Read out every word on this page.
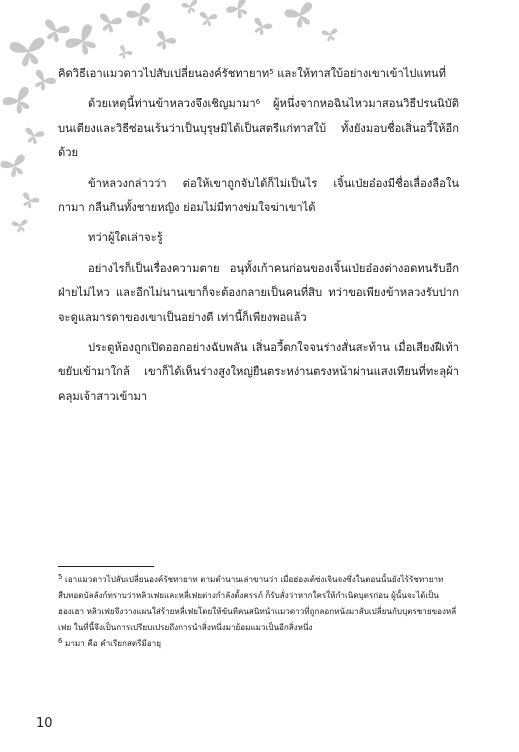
คิดวิธีเอาแมวดาวไปสับเปลี่ยนองค์รัชทายาท$^5$ และให้ทาสใบ้อย่างเขาเข้าไปแทนที่

ด้วยเหตุนี้ท่านข้าหลวงจึงเชิญมามา$^6$ ผู้หนึ่งจากหอฉินไหวมาสอนวิธีปรนนิบัติบนเตียงและวิธีซ่อนเร้นว่าเป็นบุรุษมิได้เป็นสตรีแก่ทาสใบ้ ทั้งยังมอบชื่อเสิ่นอวี้ให้อีกด้วย

ข้าหลวงกล่าวว่า ต่อให้เขาถูกจับได้ก็ไม่เป็นไร เจิ้นเป่ยอ๋องมีชื่อเลื่องลือในกามา กลืนกินทั้งชายหญิง ย่อมไม่มีทางข่มใจฆ่าเขาได้

ทว่าผู้ใดเล่าจะรู้

อย่างไรก็เป็นเรื่องความตาย อนุทั้งเก้าคนก่อนของเจิ้นเป่ยอ๋องต่างอดทนรับอีกฝ่ายไม่ไหว และอีกไม่นานเขาก็จะต้องกลายเป็นคนที่สิบ ทว่าขอเพียงข้าหลวงรับปากจะดูแลมารดาของเขาเป็นอย่างดี เท่านี้ก็เพียงพอแล้ว

ประตูห้องถูกเปิดออกอย่างฉับพลัน เสิ่นอวี้ตกใจจนร่างสั่นสะท้าน เมื่อเสียงฝีเท้าขยับเข้ามาใกล้ เขาก็ได้เห็นร่างสูงใหญ่ยืนตระหง่านตรงหน้าผ่านแสงเทียนที่ทะลุผ้าคลุมเจ้าสาวเข้ามา

$^5$ เอาแมวดาวไปสับเปลี่ยนองค์รัชทายาท ตามตำนานเล่าขานว่า เมื่อฮ่องเต้ซ่งเจินจงซึ่งในตอนนั้นยังไร้รัชทายาทสืบทอดบัลลังก์ทราบว่าหลิวเฟยและหลี่เฟยต่างกำลังตั้งครรภ์ ก็รับสั่งว่าหากใครให้กำเนิดบุตรก่อน ผู้นั้นจะได้เป็นฮองเฮา หลิวเฟยจึงวางแผนใส่ร้ายหลี่เฟยโดยให้ขันทีคนสนิทนำแมวดาวที่ถูกลอกหนังมาสับเปลี่ยนกับบุตรชายของหลี่เฟย ในที่นี้จึงเป็นการเปรียบเปรยถึงการนำสิ่งหนึ่งมาย้อมแมวเป็นอีกสิ่งหนึ่ง

$^6$ มามา คือ คำเรียกสตรีมีอายุ

10
